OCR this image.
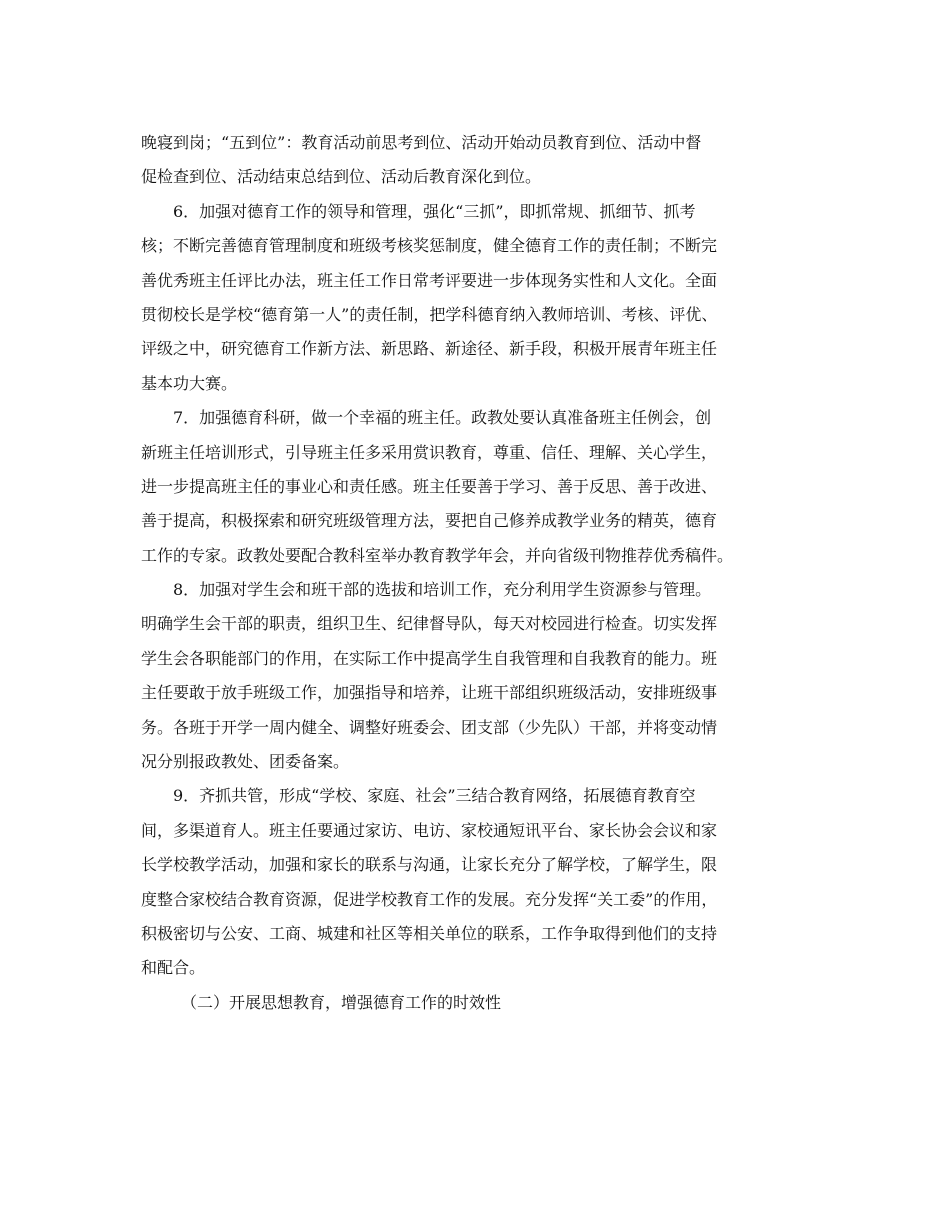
晚寝到岗；“五到位”：教育活动前思考到位、活动开始动员教育到位、活动中督
促检查到位、活动结束总结到位、活动后教育深化到位。
6．加强对德育工作的领导和管理，强化“三抓”，即抓常规、抓细节、抓考
核；不断完善德育管理制度和班级考核奖惩制度，健全德育工作的责任制；不断完
善优秀班主任评比办法，班主任工作日常考评要进一步体现务实性和人文化。全面
贯彻校长是学校“德育第一人”的责任制，把学科德育纳入教师培训、考核、评优、
评级之中，研究德育工作新方法、新思路、新途径、新手段，积极开展青年班主任
基本功大赛。
7．加强德育科研，做一个幸福的班主任。政教处要认真准备班主任例会，创
新班主任培训形式，引导班主任多采用赏识教育，尊重、信任、理解、关心学生，
进一步提高班主任的事业心和责任感。班主任要善于学习、善于反思、善于改进、
善于提高，积极探索和研究班级管理方法，要把自己修养成教学业务的精英，德育
工作的专家。政教处要配合教科室举办教育教学年会，并向省级刊物推荐优秀稿件。
8．加强对学生会和班干部的选拔和培训工作，充分利用学生资源参与管理。
明确学生会干部的职责，组织卫生、纪律督导队，每天对校园进行检查。切实发挥
学生会各职能部门的作用，在实际工作中提高学生自我管理和自我教育的能力。班
主任要敢于放手班级工作，加强指导和培养，让班干部组织班级活动，安排班级事
务。各班于开学一周内健全、调整好班委会、团支部（少先队）干部，并将变动情
况分别报政教处、团委备案。
9．齐抓共管，形成“学校、家庭、社会”三结合教育网络，拓展德育教育空
间，多渠道育人。班主任要通过家访、电访、家校通短讯平台、家长协会会议和家
长学校教学活动，加强和家长的联系与沟通，让家长充分了解学校，了解学生，限
度整合家校结合教育资源，促进学校教育工作的发展。充分发挥“关工委”的作用，
积极密切与公安、工商、城建和社区等相关单位的联系，工作争取得到他们的支持
和配合。
（二）开展思想教育，增强德育工作的时效性
